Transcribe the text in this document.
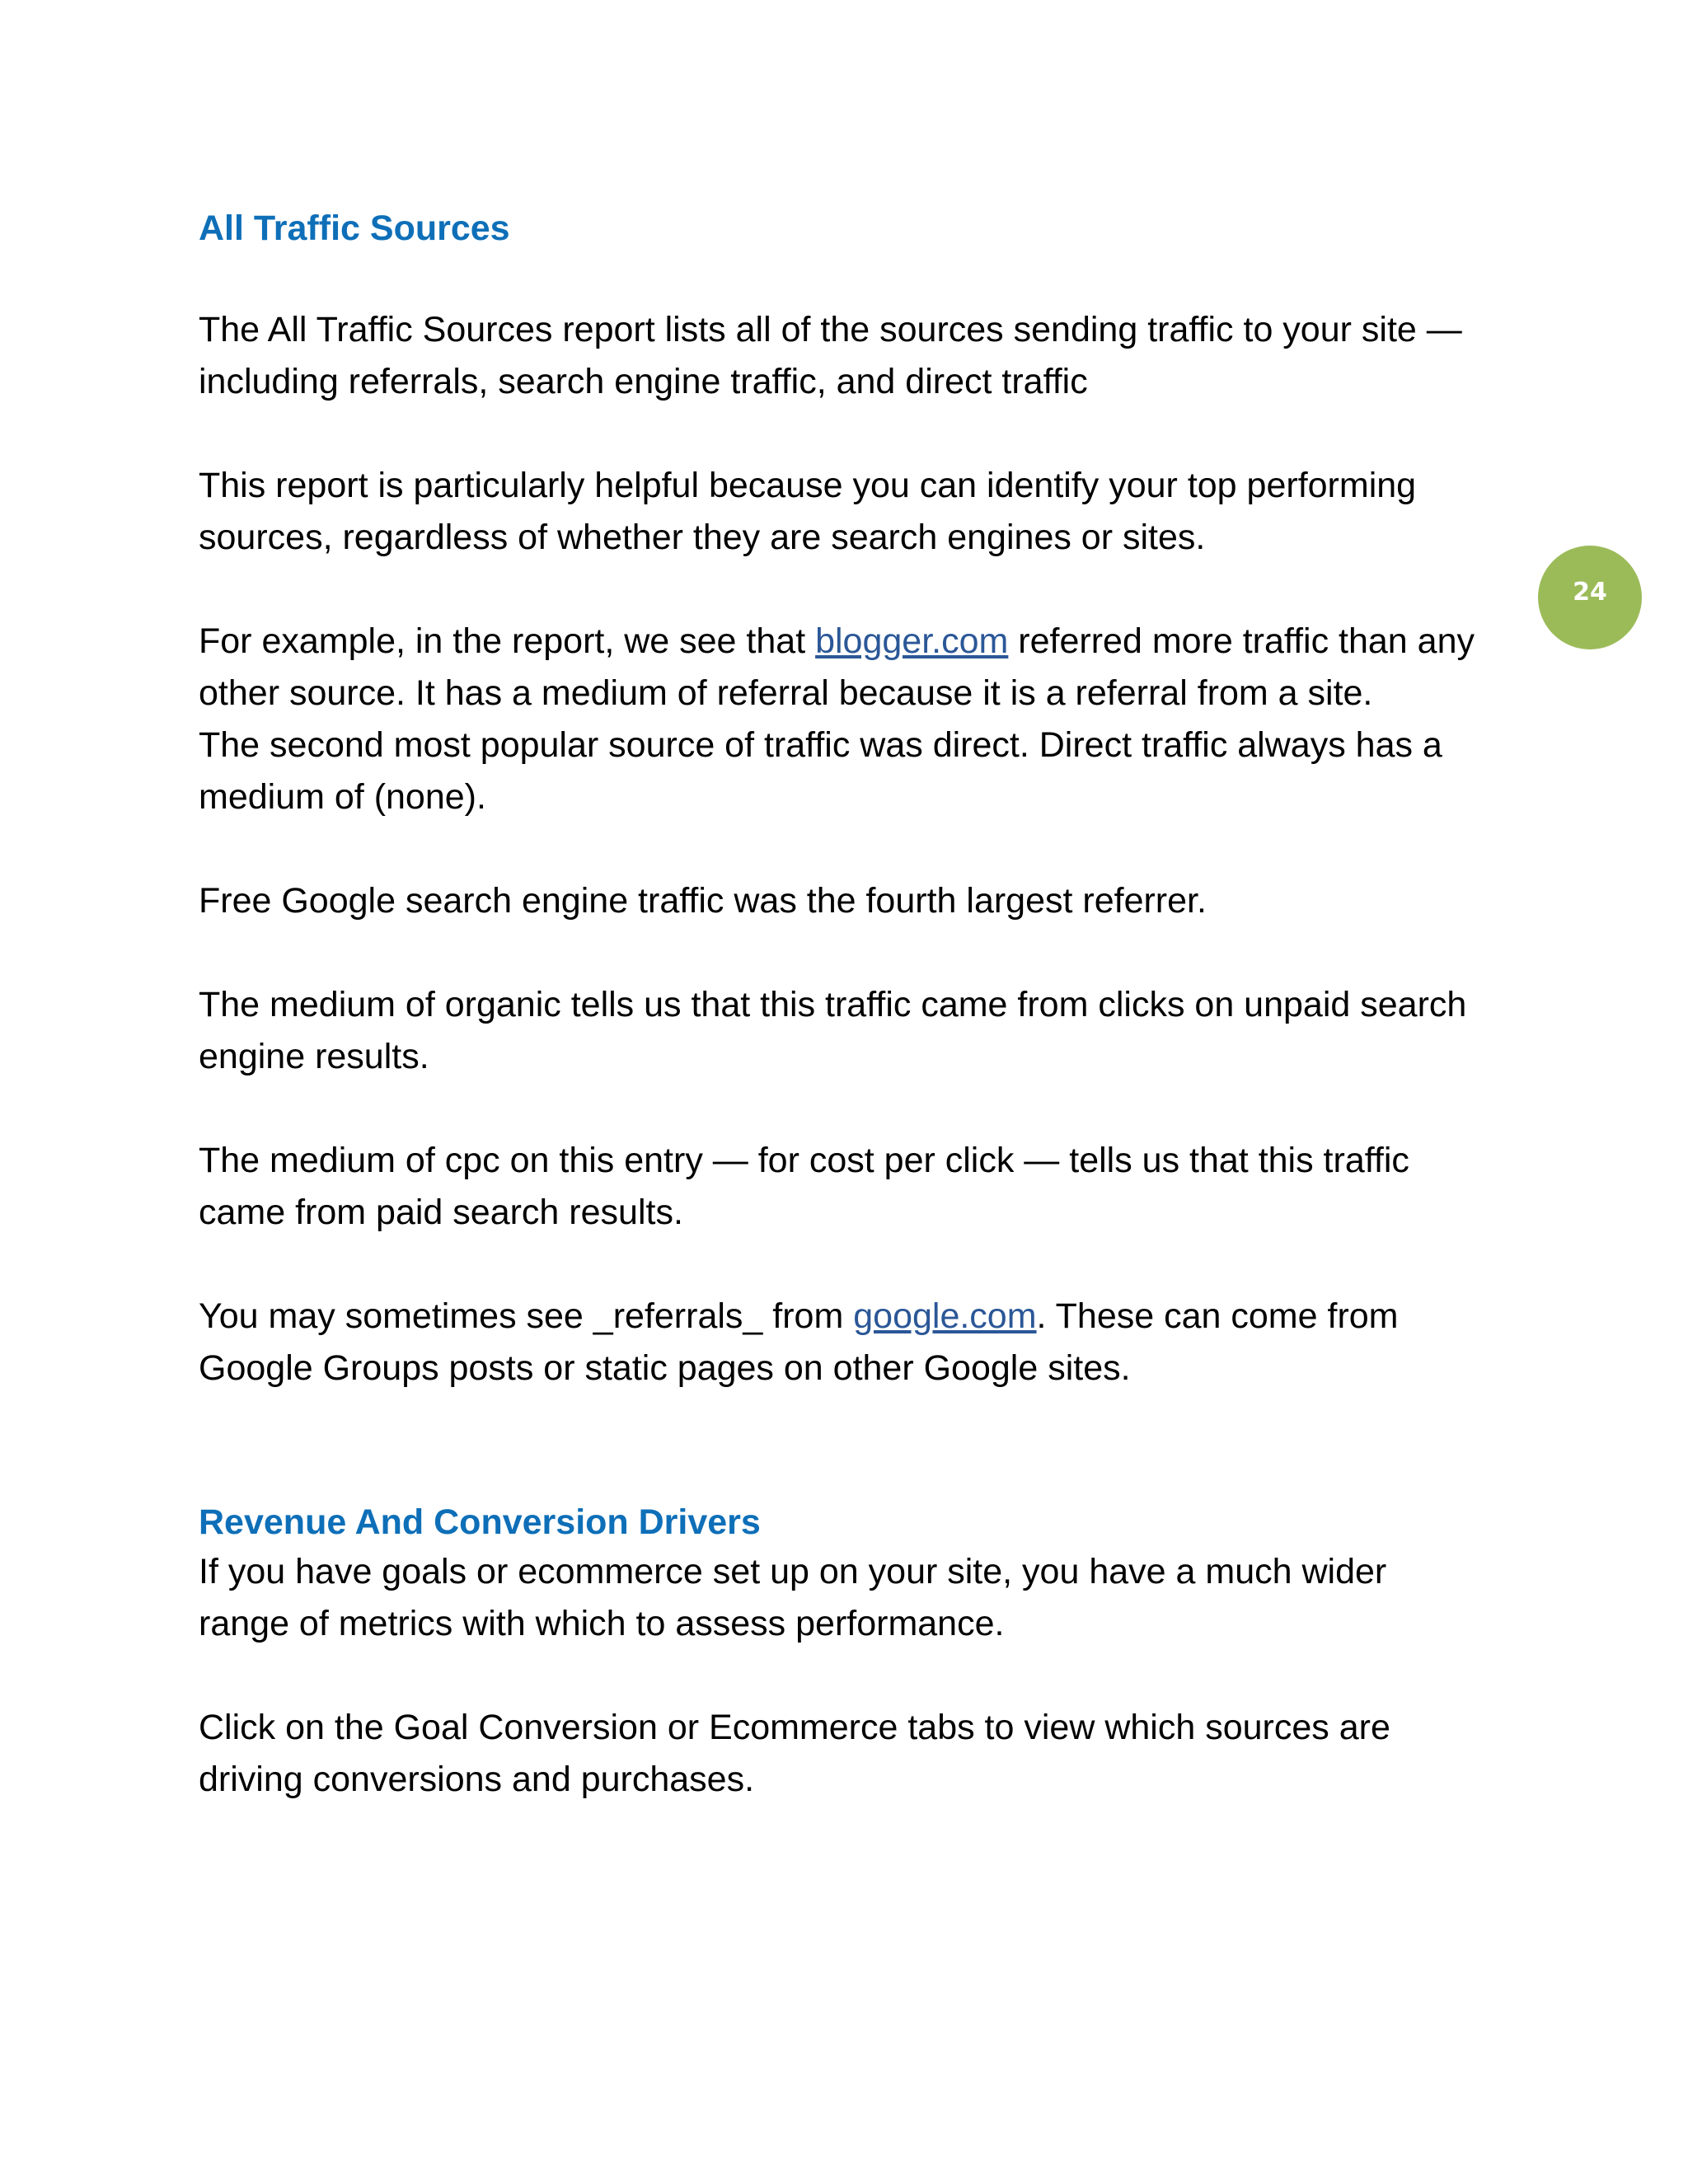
24
All Traffic Sources

The All Traffic Sources report lists all of the sources sending traffic to your site — including referrals, search engine traffic, and direct traffic

This report is particularly helpful because you can identify your top performing sources, regardless of whether they are search engines or sites.

For example, in the report, we see that blogger.com referred more traffic than any other source. It has a medium of referral because it is a referral from a site.

The second most popular source of traffic was direct. Direct traffic always has a medium of (none).

Free Google search engine traffic was the fourth largest referrer.

The medium of organic tells us that this traffic came from clicks on unpaid search engine results.

The medium of cpc on this entry — for cost per click — tells us that this traffic came from paid search results.

You may sometimes see _referrals_ from google.com. These can come from Google Groups posts or static pages on other Google sites.

Revenue And Conversion Drivers

If you have goals or ecommerce set up on your site, you have a much wider range of metrics with which to assess performance.

Click on the Goal Conversion or Ecommerce tabs to view which sources are driving conversions and purchases.
